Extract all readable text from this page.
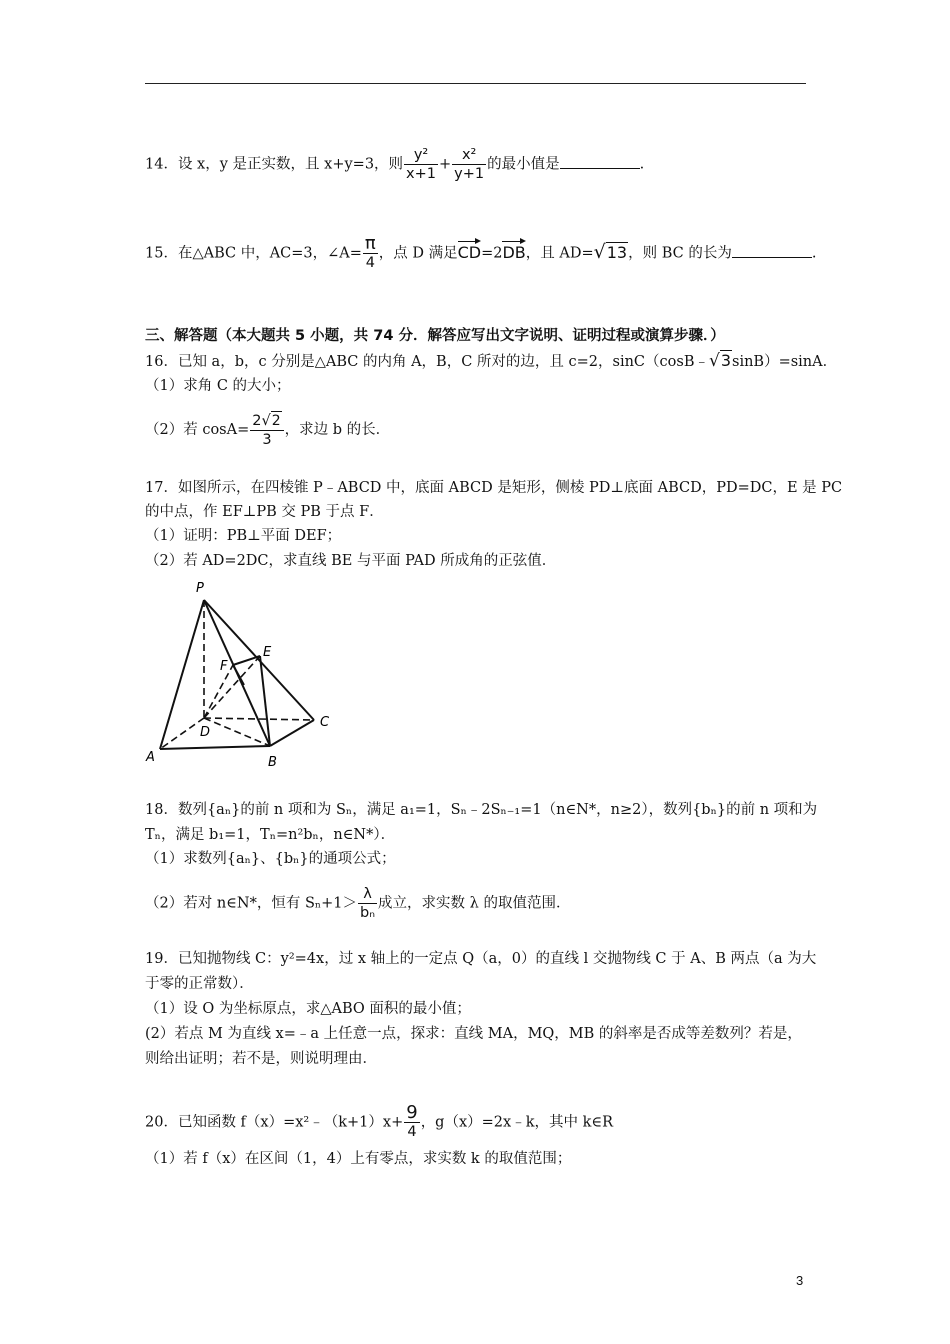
14．设 x，y 是正实数，且 x+y=3，则 $\frac{\text{y²}}{x+1} + \frac{\text{x²}}{y+1}$ 的最小值是	.
15．在△ABC 中，AC=3，∠A= $\frac{\pi}{4}$ ，点 D 满足CD=2DB，且 AD=√13，则 BC 的长为	.
三、解答题（本大题共 5 小题，共 74 分．解答应写出文字说明、证明过程或演算步骤．）
16．已知 a，b，c 分别是△ABC 的内角 A，B，C 所对的边，且 c=2，sinC（cosB﹣√3sinB）=sinA．
（1）求角 C 的大小；
（2）若 $\cos A= \frac{2√2}{3}$ ，求边 b 的长．
17．如图所示，在四棱锥 P﹣ABCD 中，底面 ABCD 是矩形，侧棱 PD⊥底面 ABCD，PD=DC，E 是 PC
的中点，作 EF⊥PB 交 PB 于点 F．
（1）证明：PB⊥平面 DEF；
（2）若 AD=2DC，求直线 BE 与平面 PAD 所成角的正弦值．
P
E
F
C
D
A	B
18．数列{aₙ}的前 n 项和为 Sₙ，满足 a₁=1，Sₙ﹣2Sₙ₋₁=1（n∈N*，n≥2），数列{bₙ}的前 n 项和为
Tₙ，满足 b₁=1，Tₙ=n²bₙ，n∈N*）．
（1）求数列{aₙ}、{bₙ}的通项公式；
（2）若对 n∈N*，恒有 $S_n+1> \frac{\lambda}{\text{bₙ}}$ 成立，求实数 λ 的取值范围．
19．已知抛物线 C：y²=4x，过 x 轴上的一定点 Q（a，0）的直线 l 交抛物线 C 于 A、B 两点（a 为大
于零的正常数）．
（1）设 O 为坐标原点，求△ABO 面积的最小值；
(2）若点 M 为直线 x=﹣a 上任意一点，探求：直线 MA，MQ，MB 的斜率是否成等差数列？若是，
则给出证明；若不是，则说明理由．
20．已知函数 f（x）=x²﹣（k+1）x+ $\frac{9}{4}$ ，g（x）=2x﹣k，其中 k∈R
（1）若 f（x）在区间（1，4）上有零点，求实数 k 的取值范围；
3
